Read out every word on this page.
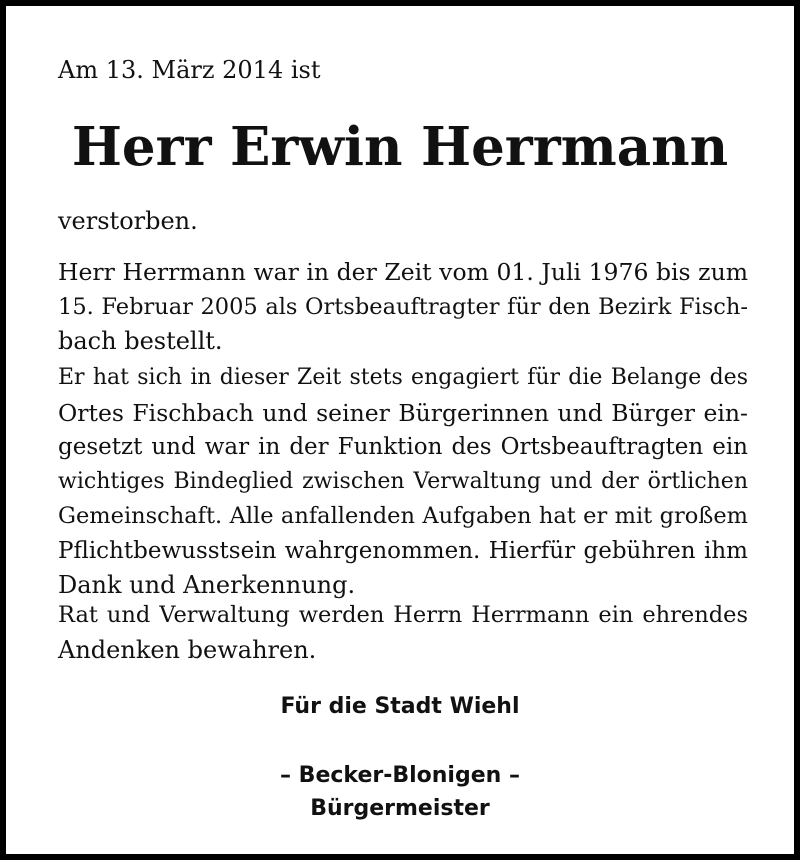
Am 13. März 2014 ist

Herr Erwin Herrmann

verstorben.

Herr Herrmann war in der Zeit vom 01. Juli 1976 bis zum
15. Februar 2005 als Ortsbeauftragter für den Bezirk Fisch-
bach bestellt.

Er hat sich in dieser Zeit stets engagiert für die Belange des
Ortes Fischbach und seiner Bürgerinnen und Bürger ein-
gesetzt und war in der Funktion des Ortsbeauftragten ein
wichtiges Bindeglied zwischen Verwaltung und der örtlichen
Gemeinschaft. Alle anfallenden Aufgaben hat er mit großem
Pflichtbewusstsein wahrgenommen. Hierfür gebühren ihm
Dank und Anerkennung.

Rat und Verwaltung werden Herrn Herrmann ein ehrendes
Andenken bewahren.

Für die Stadt Wiehl

– Becker-Blonigen –

Bürgermeister
